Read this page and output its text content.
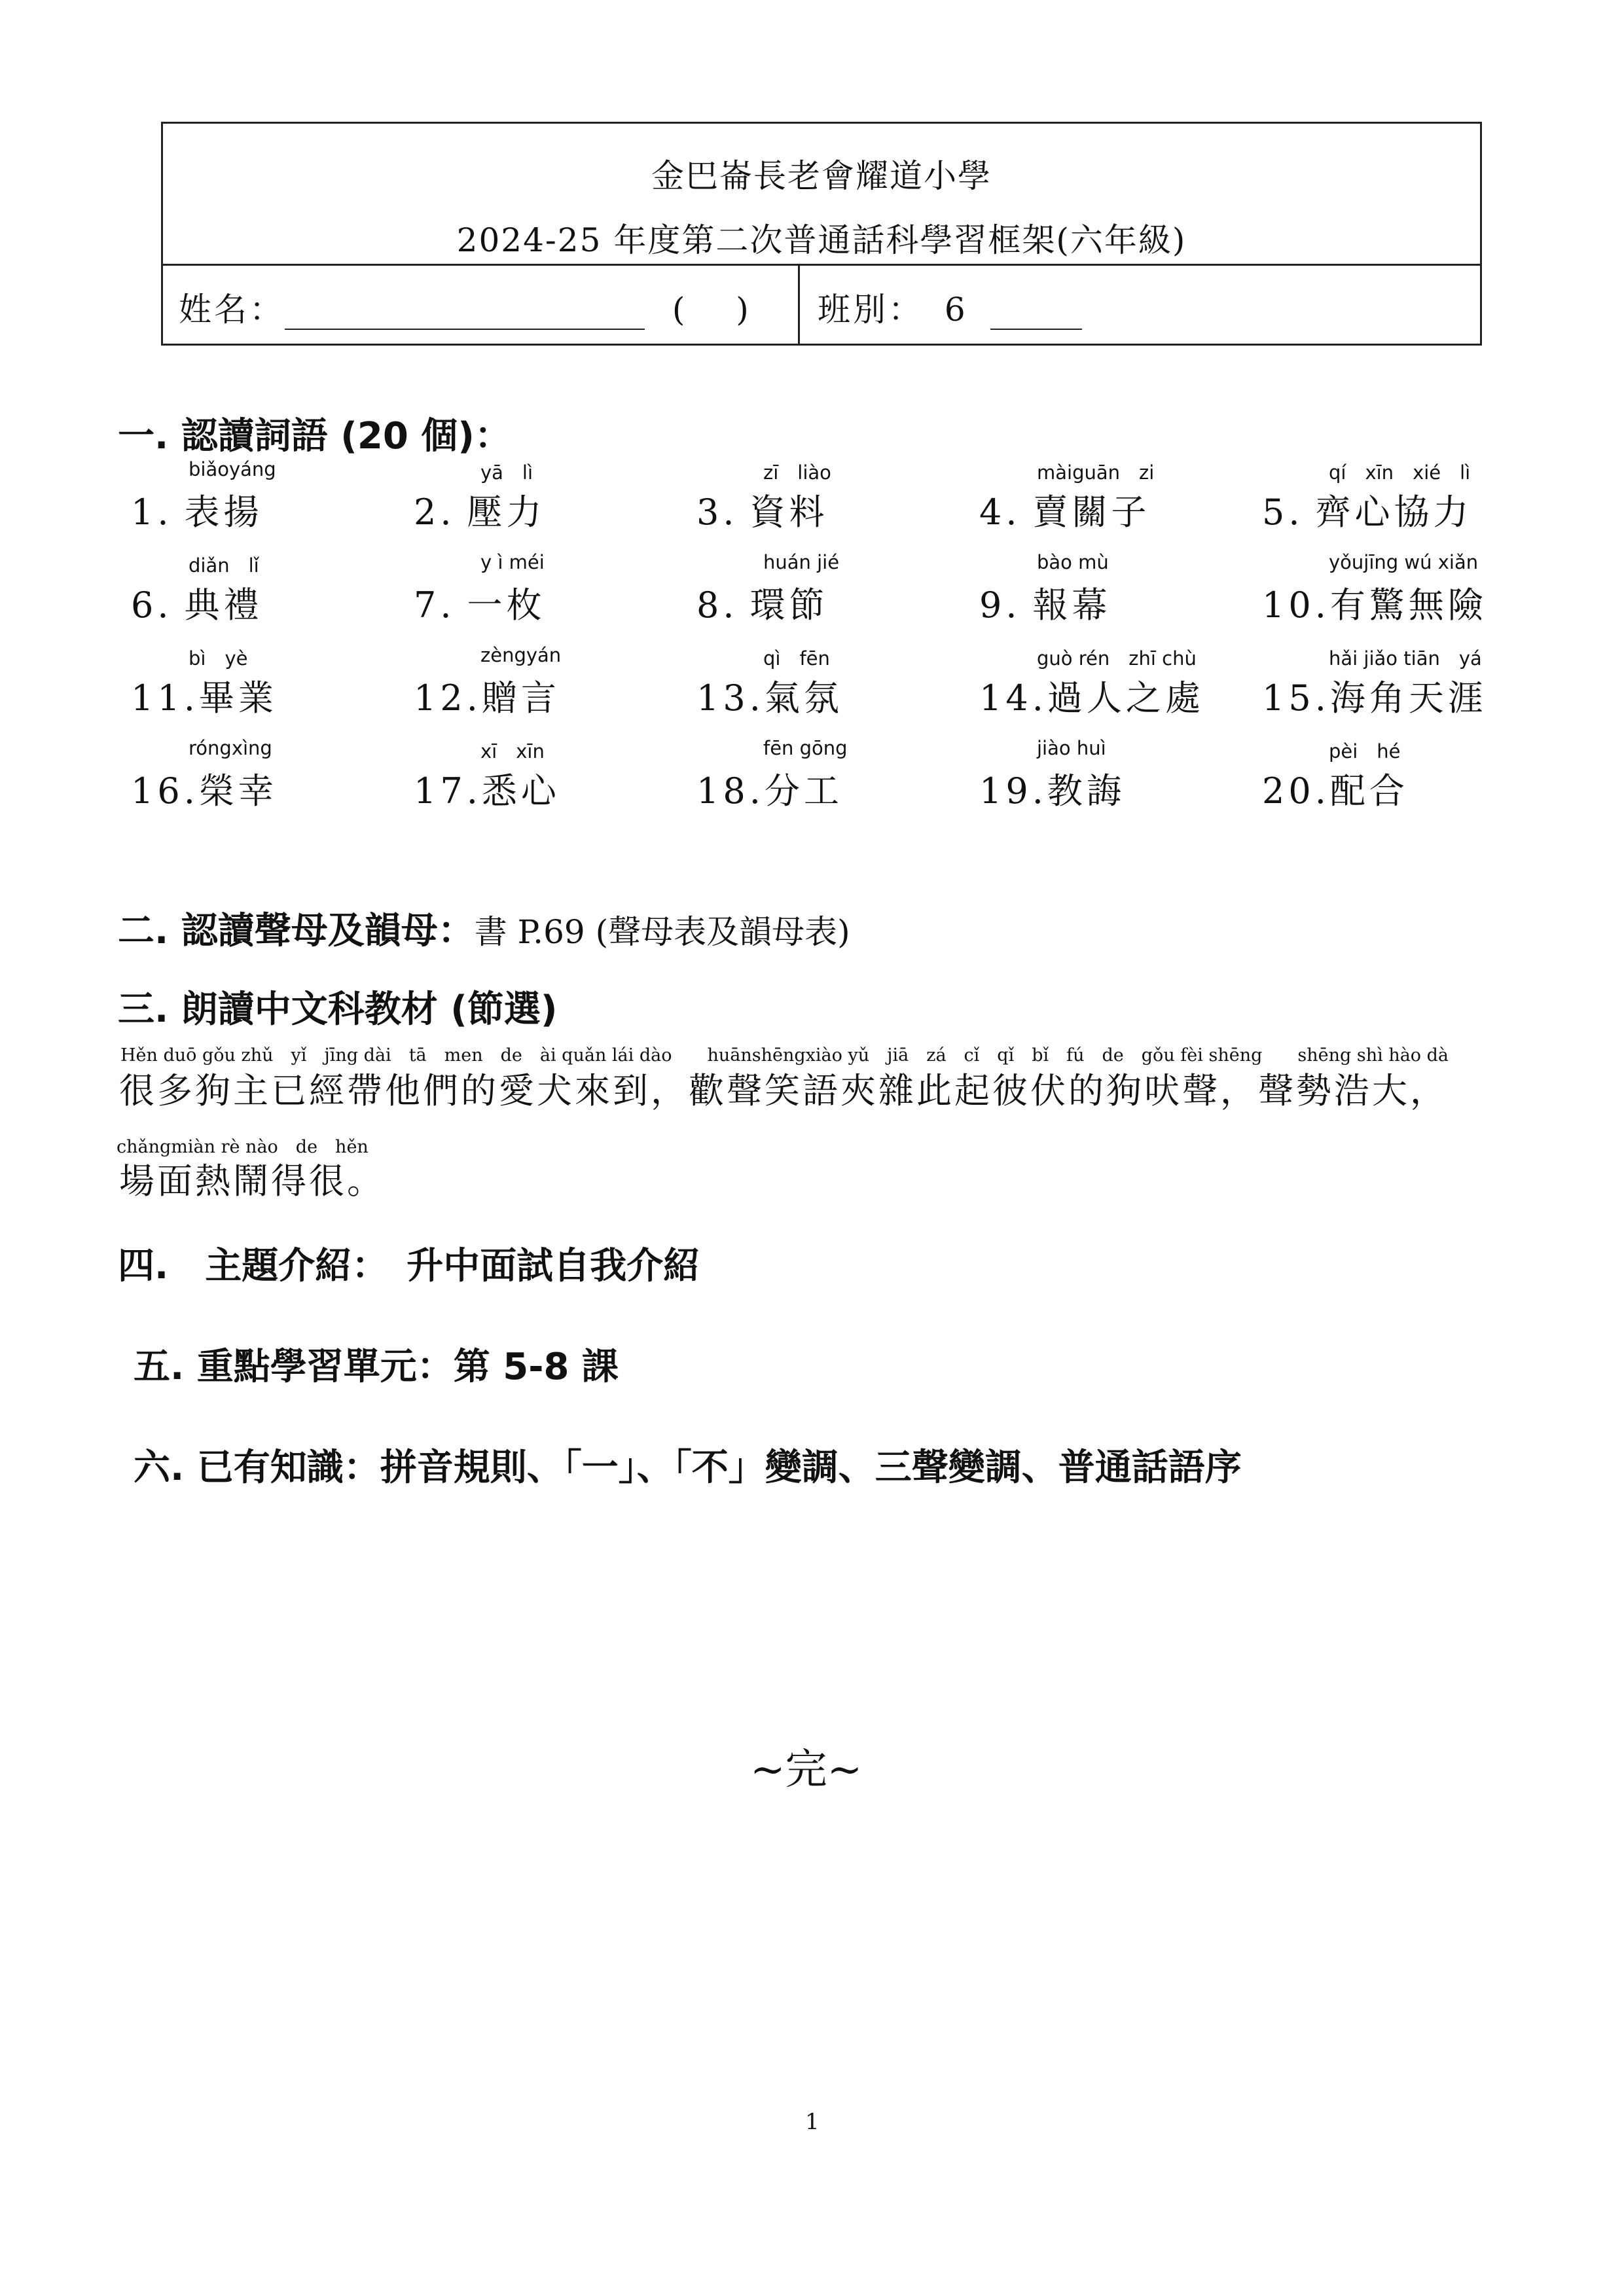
金巴崙長老會耀道小學
2024-25 年度第二次普通話科學習框架(六年級)
姓名：	(　 ) 班別： 6
一. 認讀詞語 (20 個)：
biǎoyáng
1. 表揚
yā　lì
2. 壓力
zī　liào
3. 資料
màiguān　zi
4. 賣關子
qí　xīn　xié　lì
5. 齊心協力
diǎn　lǐ
6. 典禮
y ì méi
7. 一枚
huán jié
8. 環節
bào mù
9. 報幕
yǒujīng wú xiǎn
10.有驚無險
bì　yè
11.畢業
zèngyán
12.贈言
qì　fēn
13.氣氛
guò rén　zhī chù
14.過人之處
hǎi jiǎo tiān　yá
15.海角天涯
róngxìng
16.榮幸
xī　xīn
17.悉心
fēn gōng
18.分工
jiào huì
19.教誨
pèi　hé
20.配合
二. 認讀聲母及韻母：書 P.69 (聲母表及韻母表)
三. 朗讀中文科教材 (節選)
Hěn duō gǒu zhǔ　yǐ　jīng dài　tā　men　de　ài quǎn lái dào　　huānshēngxiào yǔ　jiā　zá　cǐ　qǐ　bǐ　fú　de　gǒu fèi shēng　　shēng shì hào dà
很多狗主已經帶他們的愛犬來到，歡聲笑語夾雜此起彼伏的狗吠聲，聲勢浩大，
chǎngmiàn rè nào　de　hěn
場面熱鬧得很。
四.　主題介紹：　升中面試自我介紹
五. 重點學習單元：第 5-8 課
六. 已有知識：拼音規則、「一」、「不」變調、三聲變調、普通話語序
~完~
1
